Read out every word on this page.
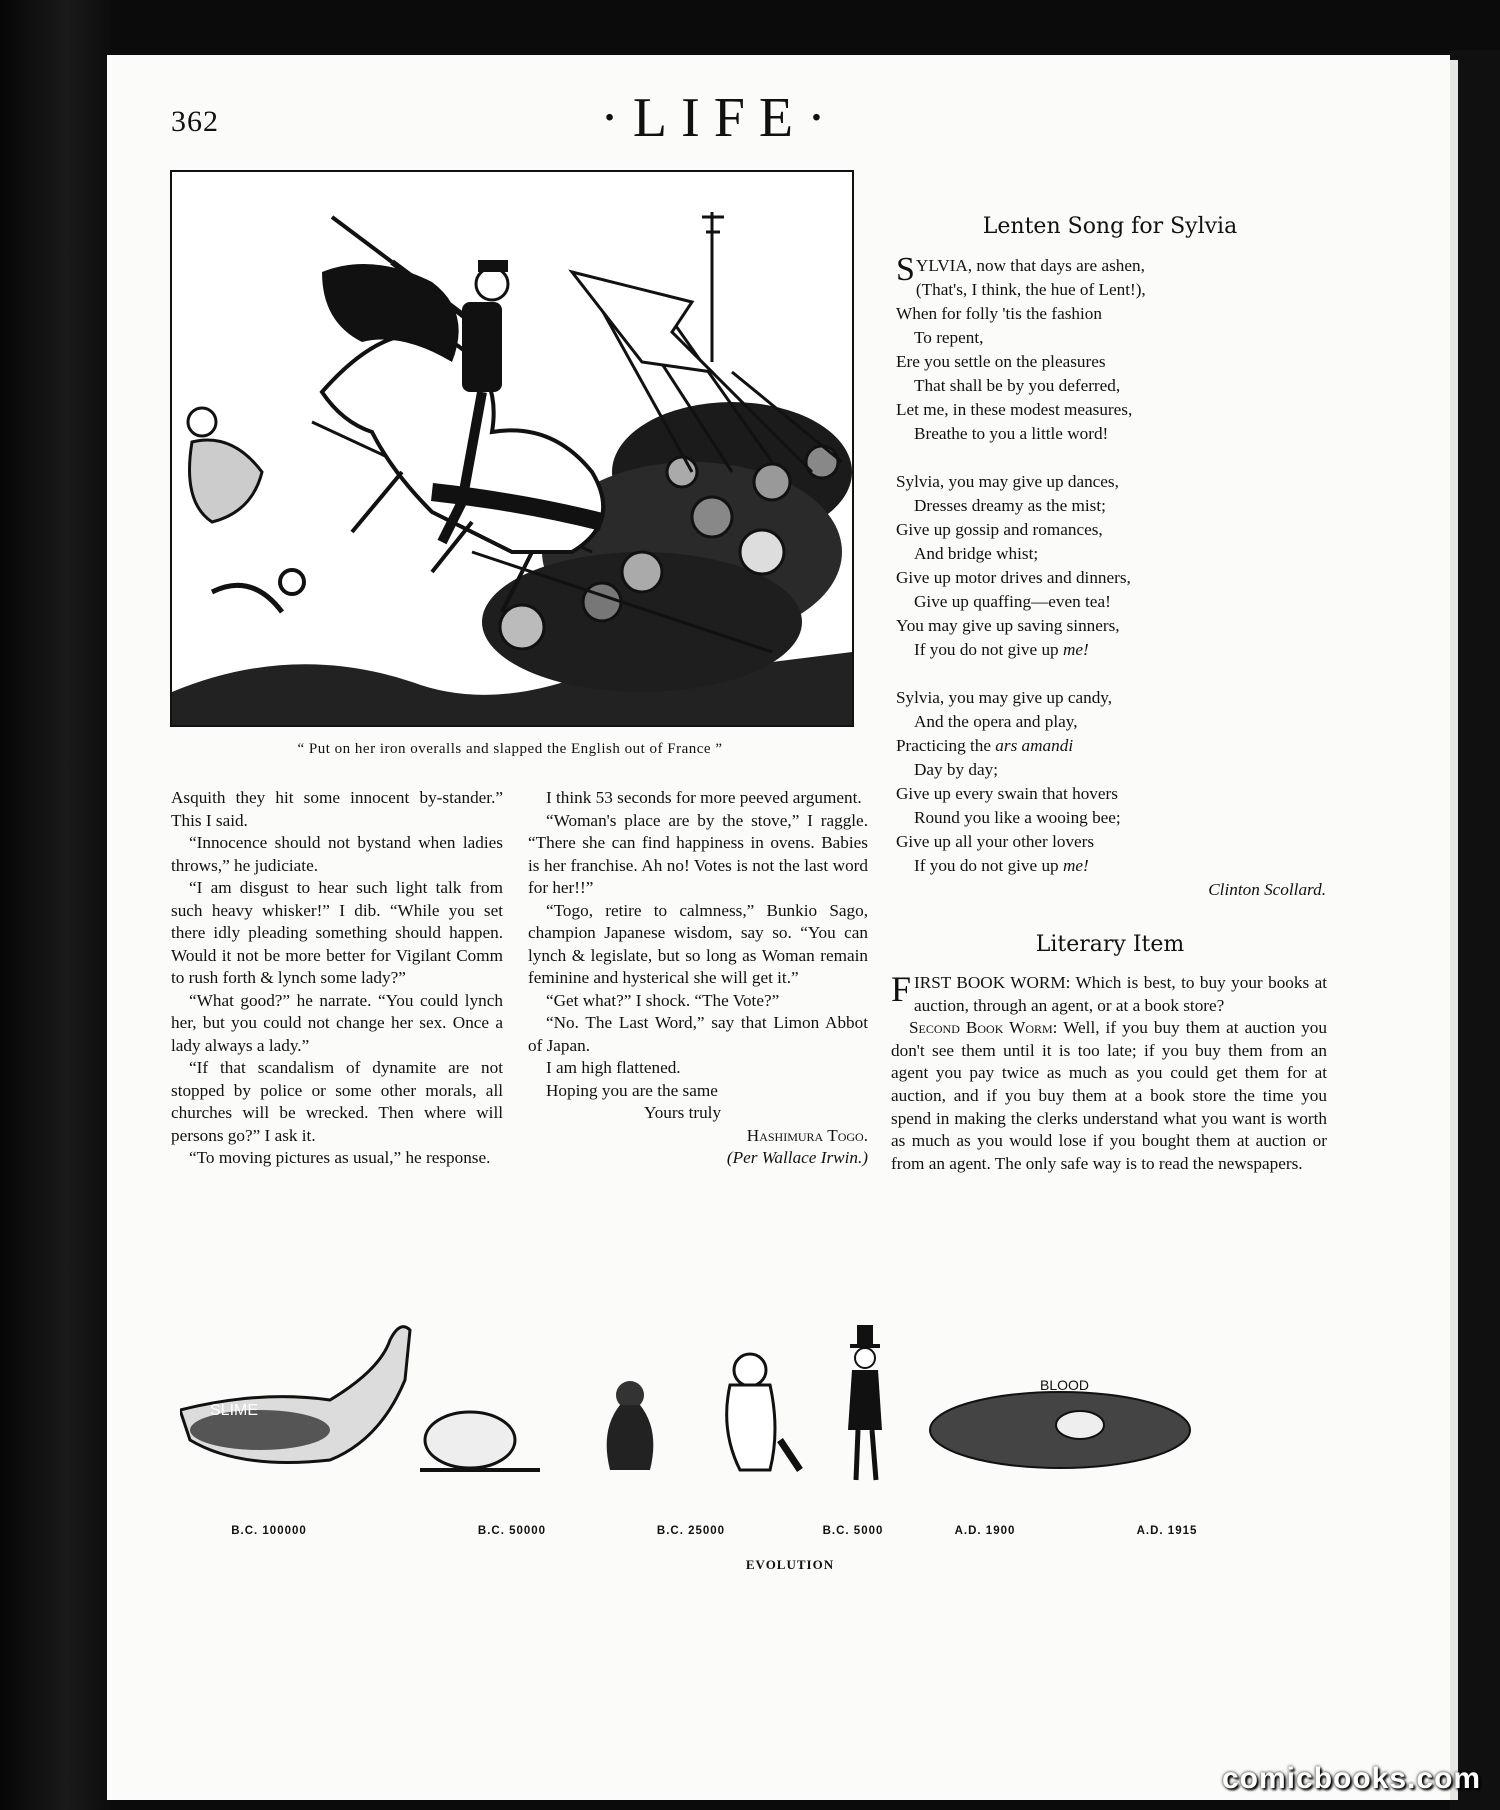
362	·LIFE·
“ Put on her iron overalls and slapped the English out of France ”

Asquith they hit some innocent by-stander.” This I said.

“Innocence should not bystand when ladies throws,” he judiciate.

“I am disgust to hear such light talk from such heavy whisker!” I dib. “While you set there idly pleading something should happen. Would it not be more better for Vigilant Comm to rush forth & lynch some lady?”

“What good?” he narrate. “You could lynch her, but you could not change her sex. Once a lady always a lady.”

“If that scandalism of dynamite are not stopped by police or some other morals, all churches will be wrecked. Then where will persons go?” I ask it.

“To moving pictures as usual,” he response.

I think 53 seconds for more peeved argument.

“Woman's place are by the stove,” I raggle. “There she can find happiness in ovens. Babies is her franchise. Ah no! Votes is not the last word for her!!”

“Togo, retire to calmness,” Bunkio Sago, champion Japanese wisdom, say so. “You can lynch & legislate, but so long as Woman remain feminine and hysterical she will get it.”

“Get what?” I shock. “The Vote?”

“No. The Last Word,” say that Limon Abbot of Japan.

I am high flattened.

Hoping you are the same

Yours truly

Hashimura Togo.

(Per Wallace Irwin.)

Lenten Song for Sylvia
S YLVIA, now that days are ashen,
(That's, I think, the hue of Lent!),
When for folly 'tis the fashion
To repent,
Ere you settle on the pleasures
That shall be by you deferred,
Let me, in these modest measures,
Breathe to you a little word!
Sylvia, you may give up dances,
Dresses dreamy as the mist;
Give up gossip and romances,
And bridge whist;
Give up motor drives and dinners,
Give up quaffing—even tea!
You may give up saving sinners,
If you do not give up me!
Sylvia, you may give up candy,
And the opera and play,
Practicing the ars amandi
Day by day;
Give up every swain that hovers
Round you like a wooing bee;
Give up all your other lovers
If you do not give up me!
Clinton Scollard.
Literary Item

FIRST BOOK WORM: Which is best, to buy your books at auction, through an agent, or at a book store?

Second Book Worm: Well, if you buy them at auction you don't see them until it is too late; if you buy them from an agent you pay twice as much as you could get them for at auction, and if you buy them at a book store the time you spend in making the clerks understand what you want is worth as much as you would lose if you bought them at auction or from an agent. The only safe way is to read the newspapers.

SLIME
BLOOD
B.C. 100000	B.C. 50000	B.C. 25000	B.C. 5000	A.D. 1900	A.D. 1915
EVOLUTION
comicbooks.com
